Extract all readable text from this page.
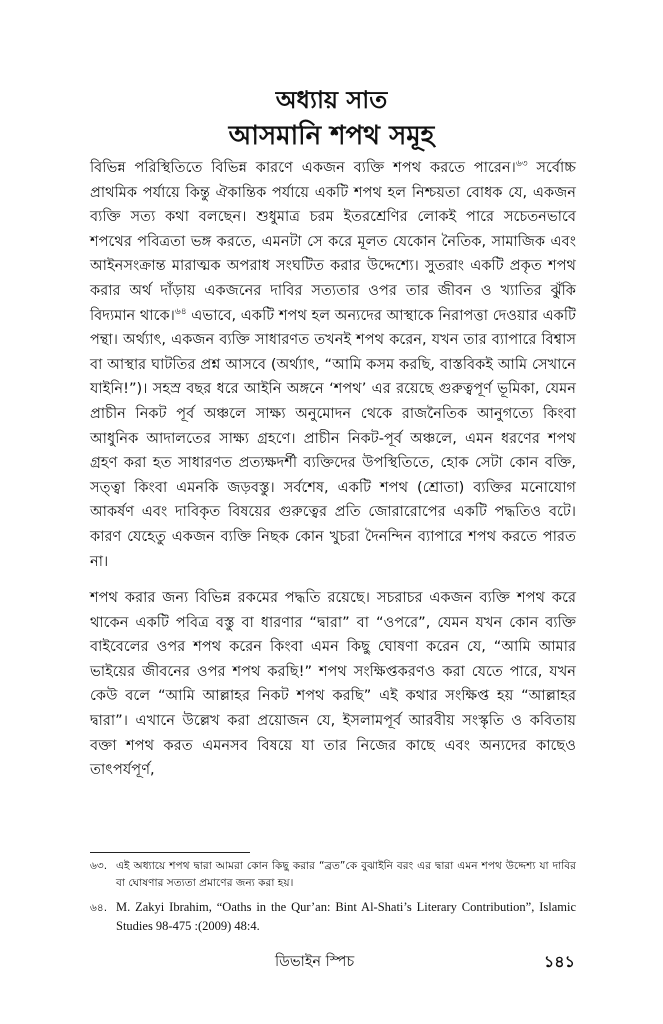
অধ্যায় সাত
আসমানি শপথ সমূহ

বিভিন্ন পরিস্থিতিতে বিভিন্ন কারণে একজন ব্যক্তি শপথ করতে পারেন।$^{৬৩}$ সর্বোচ্চ প্রাথমিক পর্যায়ে কিন্তু ঐকান্তিক পর্যায়ে একটি শপথ হল নিশ্চয়তা বোধক যে, একজন ব্যক্তি সত্য কথা বলছেন। শুধুমাত্র চরম ইতরশ্রেণির লোকই পারে সচেতনভাবে শপথের পবিত্রতা ভঙ্গ করতে, এমনটা সে করে মূলত যেকোন নৈতিক, সামাজিক এবং আইনসংক্রান্ত মারাত্মক অপরাধ সংঘটিত করার উদ্দেশ্যে। সুতরাং একটি প্রকৃত শপথ করার অর্থ দাঁড়ায় একজনের দাবির সত্যতার ওপর তার জীবন ও খ্যাতির ঝুঁকি বিদ্যমান থাকে।$^{৬৪}$ এভাবে, একটি শপথ হল অন্যদের আস্থাকে নিরাপত্তা দেওয়ার একটি পন্থা। অর্থ্যাৎ, একজন ব্যক্তি সাধারণত তখনই শপথ করেন, যখন তার ব্যাপারে বিশ্বাস বা আস্থার ঘাটতির প্রশ্ন আসবে (অর্থ্যাৎ, “আমি কসম করছি, বাস্তবিকই আমি সেখানে যাইনি!”)। সহস্র বছর ধরে আইনি অঙ্গনে ‘শপথ’ এর রয়েছে গুরুত্বপূর্ণ ভূমিকা, যেমন প্রাচীন নিকট পূর্ব অঞ্চলে সাক্ষ্য অনুমোদন থেকে রাজনৈতিক আনুগত্যে কিংবা আধুনিক আদালতের সাক্ষ্য গ্রহণে। প্রাচীন নিকট-পূর্ব অঞ্চলে, এমন ধরণের শপথ গ্রহণ করা হত সাধারণত প্রত্যক্ষদর্শী ব্যক্তিদের উপস্থিতিতে, হোক সেটা কোন বক্তি, সত্ত্বা কিংবা এমনকি জড়বস্তু। সর্বশেষ, একটি শপথ (শ্রোতা) ব্যক্তির মনোযোগ আকর্ষণ এবং দাবিকৃত বিষয়ের গুরুত্বের প্রতি জোরারোপের একটি পদ্ধতিও বটে। কারণ যেহেতু একজন ব্যক্তি নিছক কোন খুচরা দৈনন্দিন ব্যাপারে শপথ করতে পারত না।

শপথ করার জন্য বিভিন্ন রকমের পদ্ধতি রয়েছে। সচরাচর একজন ব্যক্তি শপথ করে থাকেন একটি পবিত্র বস্তু বা ধারণার “দ্বারা” বা “ওপরে”, যেমন যখন কোন ব্যক্তি বাইবেলের ওপর শপথ করেন কিংবা এমন কিছু ঘোষণা করেন যে, “আমি আমার ভাইয়ের জীবনের ওপর শপথ করছি!” শপথ সংক্ষিপ্তকরণও করা যেতে পারে, যখন কেউ বলে “আমি আল্লাহর নিকট শপথ করছি” এই কথার সংক্ষিপ্ত হয় “আল্লাহর দ্বারা”। এখানে উল্লেখ করা প্রয়োজন যে, ইসলামপূর্ব আরবীয় সংস্কৃতি ও কবিতায় বক্তা শপথ করত এমনসব বিষয়ে যা তার নিজের কাছে এবং অন্যদের কাছেও তাৎপর্যপূর্ণ,

৬৩. এই অধ্যায়ে শপথ দ্বারা আমরা কোন কিছু করার “ব্রত”কে বুঝাইনি বরং এর দ্বারা এমন শপথ উদ্দেশ্য যা দাবির বা ঘোষণার সত্যতা প্রমাণের জন্য করা হয়।

৬৪. M. Zakyi Ibrahim, “Oaths in the Qur’an: Bint Al-Shati’s Literary Contribution”, Islamic Studies 98-475 :(2009) 48:4.

ডিভাইন স্পিচ	১৪১
